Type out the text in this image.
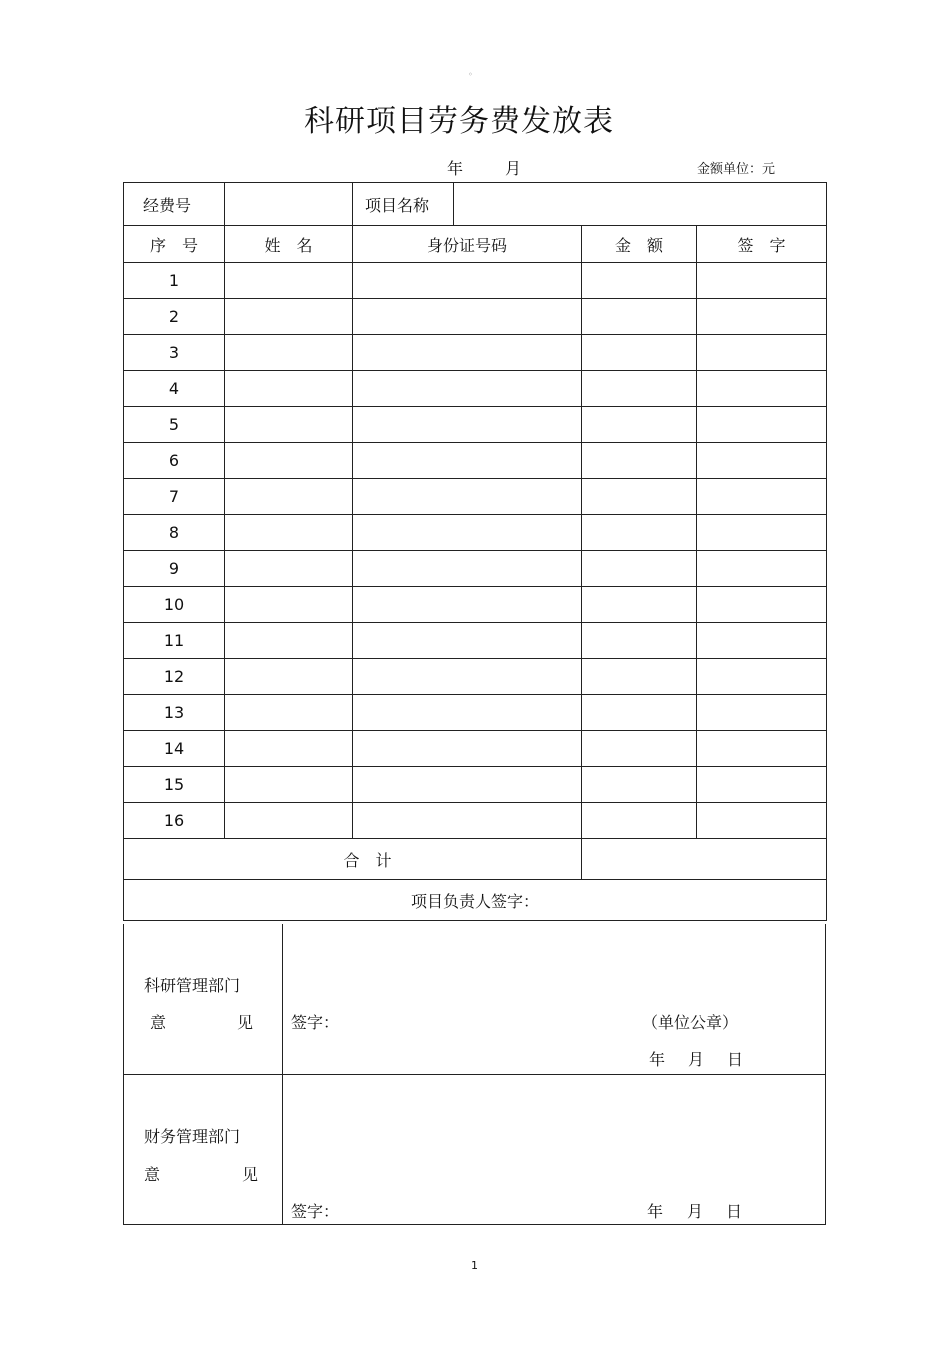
◦
科研项目劳务费发放表
年	月	金额单位：元
经费号		项目名称			
序　号	姓　名	身份证号码		金　额	签　字
1					
2					
3					
4					
5					
6					
7					
8					
9					
10					
11					
12					
13					
14					
15					
16					
合　计					
项目负责人签字：					
科研管理部门
意	见 签字：	（单位公章）
年 月 日
财务管理部门
意	见
签字：	年 月 日
1
